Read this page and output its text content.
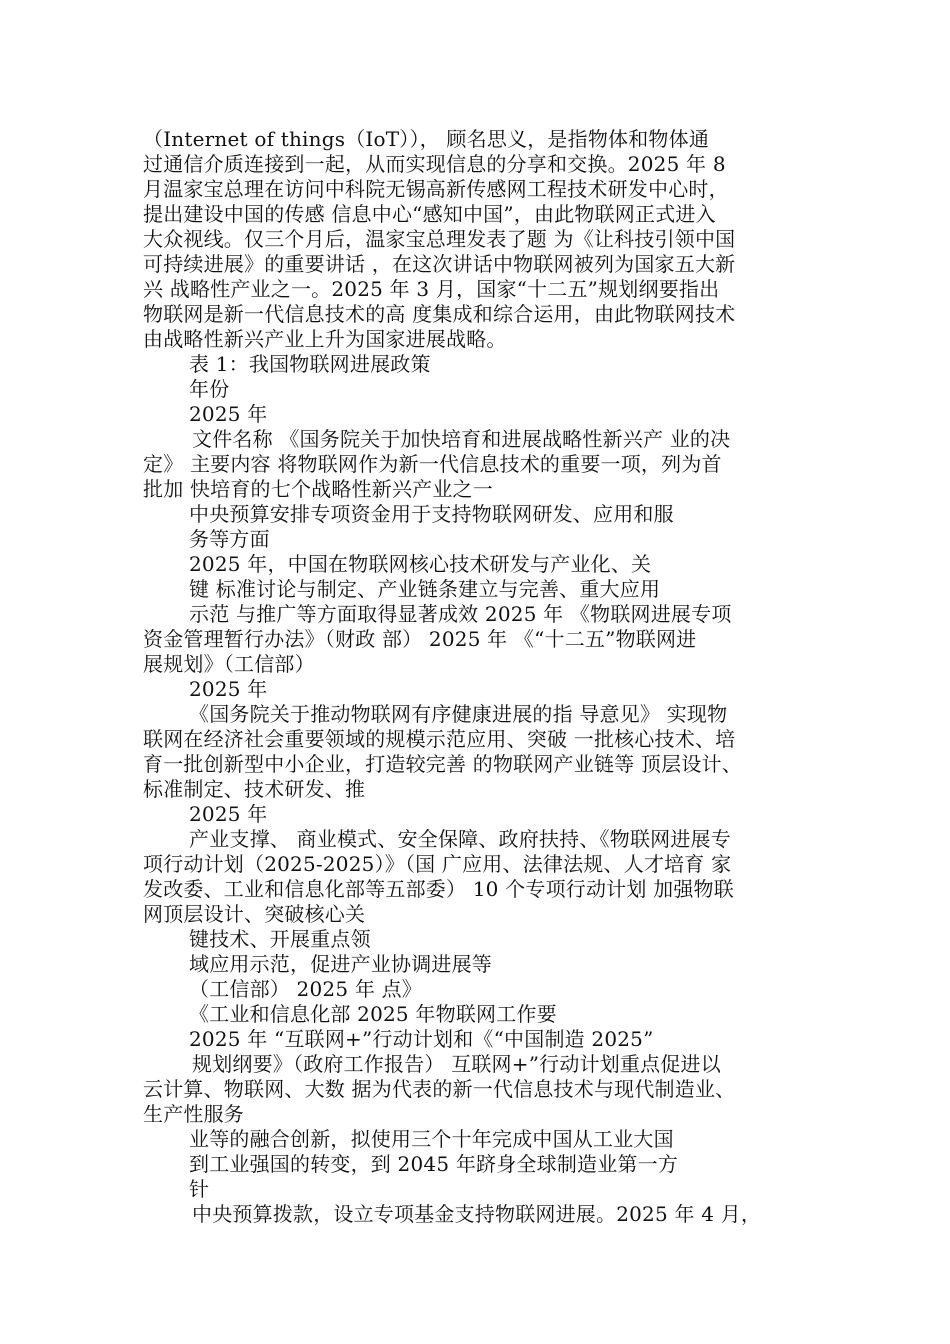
（Internet of things（IoT））， 顾名思义，是指物体和物体通
过通信介质连接到一起，从而实现信息的分享和交换。2025 年 8
月温家宝总理在访问中科院无锡高新传感网工程技术研发中心时，
提出建设中国的传感 信息中心“感知中国”，由此物联网正式进入
大众视线。仅三个月后，温家宝总理发表了题 为《让科技引领中国
可持续进展》的重要讲话 ，在这次讲话中物联网被列为国家五大新
兴 战略性产业之一。2025 年 3 月，国家“十二五”规划纲要指出
物联网是新一代信息技术的高 度集成和综合运用，由此物联网技术
由战略性新兴产业上升为国家进展战略。
表 1：我国物联网进展政策
年份
2025 年
文件名称 《国务院关于加快培育和进展战略性新兴产 业的决
定》 主要内容 将物联网作为新一代信息技术的重要一项，列为首
批加 快培育的七个战略性新兴产业之一
中央预算安排专项资金用于支持物联网研发、应用和服
务等方面
2025 年，中国在物联网核心技术研发与产业化、关
键 标准讨论与制定、产业链条建立与完善、重大应用
示范 与推广等方面取得显著成效 2025 年 《物联网进展专项
资金管理暂行办法》（财政 部） 2025 年 《“十二五”物联网进
展规划》（工信部）
2025 年
《国务院关于推动物联网有序健康进展的指 导意见》 实现物
联网在经济社会重要领域的规模示范应用、突破 一批核心技术、培
育一批创新型中小企业，打造较完善 的物联网产业链等 顶层设计、
标准制定、技术研发、推
2025 年
产业支撑、 商业模式、安全保障、政府扶持、《物联网进展专
项行动计划（2025-2025）》（国 广应用、法律法规、人才培育 家
发改委、工业和信息化部等五部委） 10 个专项行动计划 加强物联
网顶层设计、突破核心关
键技术、开展重点领
域应用示范，促进产业协调进展等
（工信部） 2025 年 点》
《工业和信息化部 2025 年物联网工作要
2025 年 “互联网+”行动计划和《“中国制造 2025”
规划纲要》（政府工作报告） 互联网+”行动计划重点促进以
云计算、物联网、大数 据为代表的新一代信息技术与现代制造业、
生产性服务
业等的融合创新，拟使用三个十年完成中国从工业大国
到工业强国的转变，到 2045 年跻身全球制造业第一方
针
中央预算拨款，设立专项基金支持物联网进展。2025 年 4 月，
